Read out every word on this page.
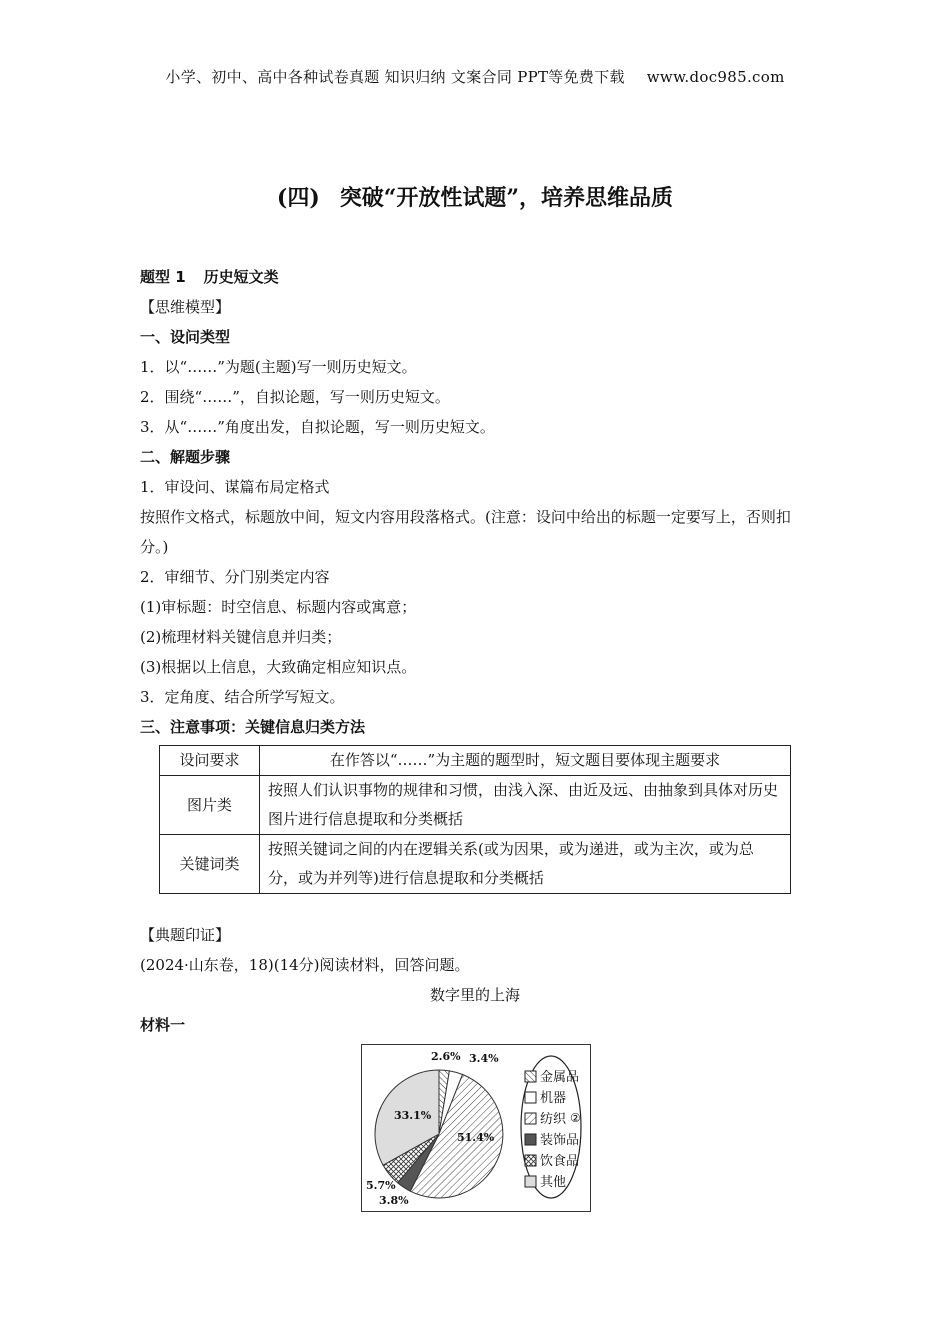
小学、初中、高中各种试卷真题 知识归纳 文案合同 PPT等免费下载 www.doc985.com
(四) 突破“开放性试题”，培养思维品质
题型 1 历史短文类
【思维模型】
一、设问类型
1．以“……”为题(主题)写一则历史短文。
2．围绕“……”，自拟论题，写一则历史短文。
3．从“……”角度出发，自拟论题，写一则历史短文。
二、解题步骤
1．审设问、谋篇布局定格式
按照作文格式，标题放中间，短文内容用段落格式。(注意：设问中给出的标题一定要写上，否则扣分。)
2．审细节、分门别类定内容
(1)审标题：时空信息、标题内容或寓意；
(2)梳理材料关键信息并归类；
(3)根据以上信息，大致确定相应知识点。
3．定角度、结合所学写短文。
三、注意事项：关键信息归类方法
设问要求	在作答以“……”为主题的题型时，短文题目要体现主题要求
图片类	按照人们认识事物的规律和习惯，由浅入深、由近及远、由抽象到具体对历史图片进行信息提取和分类概括
关键词类	按照关键词之间的内在逻辑关系(或为因果，或为递进，或为主次，或为总分，或为并列等)进行信息提取和分类概括
【典题印证】
(2024·山东卷，18)(14分)阅读材料，回答问题。
数字里的上海
材料一
2.6% 3.4%
51.4%
3.8%
5.7%
33.1%
金属品
机器
纺织 ②
装饰品
饮食品
其他
